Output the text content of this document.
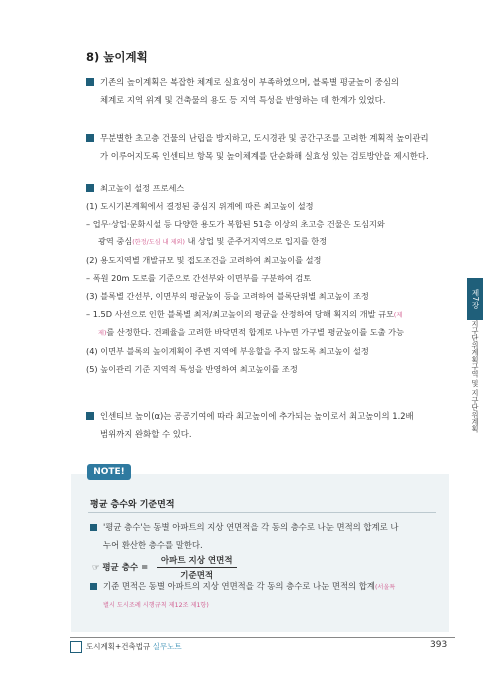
8) 높이계획
기존의 높이계획은 복잡한 체계로 실효성이 부족하였으며, 블록별 평균높이 중심의
체계로 지역 위계 및 건축물의 용도 등 지역 특성을 반영하는 데 한계가 있었다.
무분별한 초고층 건물의 난립을 방지하고, 도시경관 및 공간구조를 고려한 계획적 높이관리
가 이루어지도록 인센티브 항목 및 높이체계를 단순화해 실효성 있는 검토방안을 제시한다.
최고높이 설정 프로세스
(1) 도시기본계획에서 결정된 중심지 위계에 따른 최고높이 설정
– 업무·상업·문화시설 등 다양한 용도가 복합된 51층 이상의 초고층 건물은 도심지와
광역 중심(한정/도심 내 제외) 내 상업 및 준주거지역으로 입지를 한정
(2) 용도지역별 개발규모 및 접도조건을 고려하여 최고높이를 설정
– 폭원 20m 도로를 기준으로 간선부와 이면부를 구분하여 검토
(3) 블록별 간선부, 이면부의 평균높이 등을 고려하여 블록단위별 최고높이 조정
– 1.5D 사선으로 인한 블록별 최저/최고높이의 평균을 산정하여 당해 획지의 개발 규모(제
제)를 산정한다. 건폐율을 고려한 바닥면적 합계로 나누면 가구별 평균높이를 도출 가능
(4) 이면부 블록의 높이계획이 주변 지역에 부응할을 주지 않도록 최고높이 설정
(5) 높이관리 기준 지역적 특성을 반영하여 최고높이를 조정
인센티브 높이(α)는 공공기여에 따라 최고높이에 추가되는 높이로서 최고높이의 1.2배
범위까지 완화할 수 있다.
제7장
지구단위계획구역 및 지구단위계획
NOTE!
평균 층수와 기준면적
'평균 층수'는 동별 아파트의 지상 연면적을 각 동의 층수로 나눈 면적의 합계로 나
누어 환산한 층수를 말한다.
☞ 평균 층수 = $\frac{\text{아파트 지상 연면적}}{\text{기준면적}}$
기준 면적은 동별 아파트의 지상 연면적을 각 동의 층수로 나눈 면적의 합계(서울특
별시 도시조례 시행규칙 제12조 제1항)
도시계획+건축법규 실무노트	393
